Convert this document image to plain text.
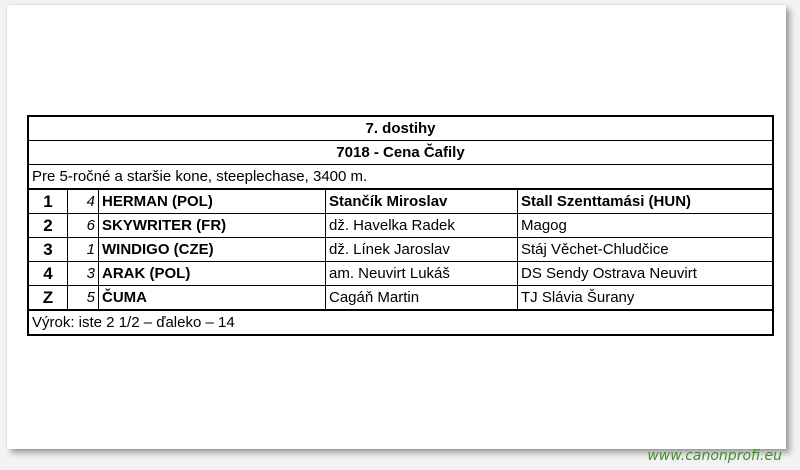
7. dostihy				
7018 - Cena Čafily				
Pre 5-ročné a staršie kone, steeplechase, 3400 m.				
1	4	HERMAN (POL)	Stančík Miroslav	Stall Szenttamási (HUN)
2	6	SKYWRITER (FR)	dž. Havelka Radek	Magog
3	1	WINDIGO (CZE)	dž. Línek Jaroslav	Stáj Věchet-Chludčice
4	3	ARAK (POL)	am. Neuvirt Lukáš	DS Sendy Ostrava Neuvirt
Z	5	ČUMA	Cagáň Martin	TJ Slávia Šurany
Výrok: iste 2 1/2 – ďaleko – 14				
www.canonprofi.eu
